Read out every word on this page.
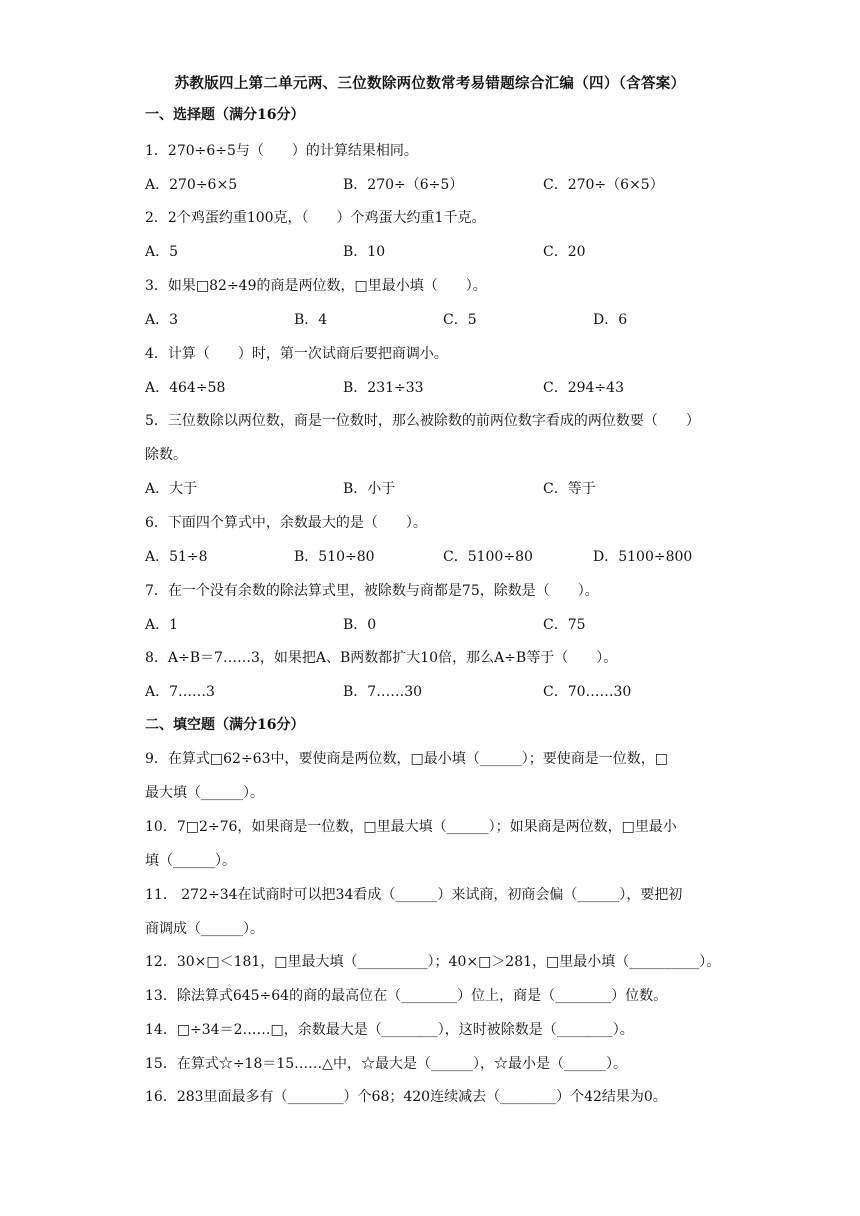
苏教版四上第二单元两、三位数除两位数常考易错题综合汇编（四）（含答案）
一、选择题（满分16分）
1．270÷6÷5与（　　）的计算结果相同。
A．270÷6×5	B．270÷（6÷5）	C．270÷（6×5）
2．2个鸡蛋约重100克，（　　）个鸡蛋大约重1千克。
A．5	B．10	C．20
3．如果□82÷49的商是两位数，□里最小填（　　）。
A．3	B．4	C．5	D．6
4．计算（　　）时，第一次试商后要把商调小。
A．464÷58	B．231÷33	C．294÷43
5．三位数除以两位数，商是一位数时，那么被除数的前两位数字看成的两位数要（　　）
除数。
A．大于	B．小于	C．等于
6．下面四个算式中，余数最大的是（　　）。
A．51÷8	B．510÷80	C．5100÷80	D．5100÷800
7．在一个没有余数的除法算式里，被除数与商都是75，除数是（　　）。
A．1	B．0	C．75
8．A÷B＝7……3，如果把A、B两数都扩大10倍，那么A÷B等于（　　）。
A．7……3	B．7……30	C．70……30
二、填空题（满分16分）
9．在算式□62÷63中，要使商是两位数，□最小填（______）；要使商是一位数，□
最大填（______）。
10．7□2÷76，如果商是一位数，□里最大填（______）；如果商是两位数，□里最小
填（______）。
11． 272÷34在试商时可以把34看成（______）来试商，初商会偏（______），要把初
商调成（______）。
12．30×□＜181，□里最大填（__________）；40×□＞281，□里最小填（__________）。
13．除法算式645÷64的商的最高位在（________）位上，商是（________）位数。
14．□÷34＝2……□，余数最大是（________），这时被除数是（________）。
15．在算式☆÷18＝15……△中，☆最大是（______），☆最小是（______）。
16．283里面最多有（________）个68；420连续减去（________）个42结果为0。
